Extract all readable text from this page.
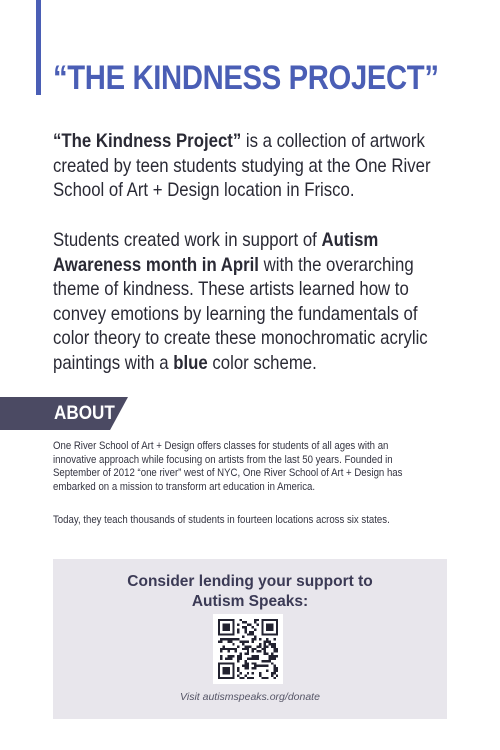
“THE KINDNESS PROJECT”

“The Kindness Project” is a collection of artwork created by teen students studying at the One River School of Art + Design location in Frisco.

Students created work in support of Autism Awareness month in April with the overarching theme of kindness. These artists learned how to convey emotions by learning the fundamentals of color theory to create these monochromatic acrylic paintings with a blue color scheme.

ABOUT

One River School of Art + Design offers classes for students of all ages with an innovative approach while focusing on artists from the last 50 years. Founded in September of 2012 “one river” west of NYC, One River School of Art + Design has embarked on a mission to transform art education in America.

Today, they teach thousands of students in fourteen locations across six states.

Consider lending your support to
Autism Speaks:

Visit autismspeaks.org/donate
